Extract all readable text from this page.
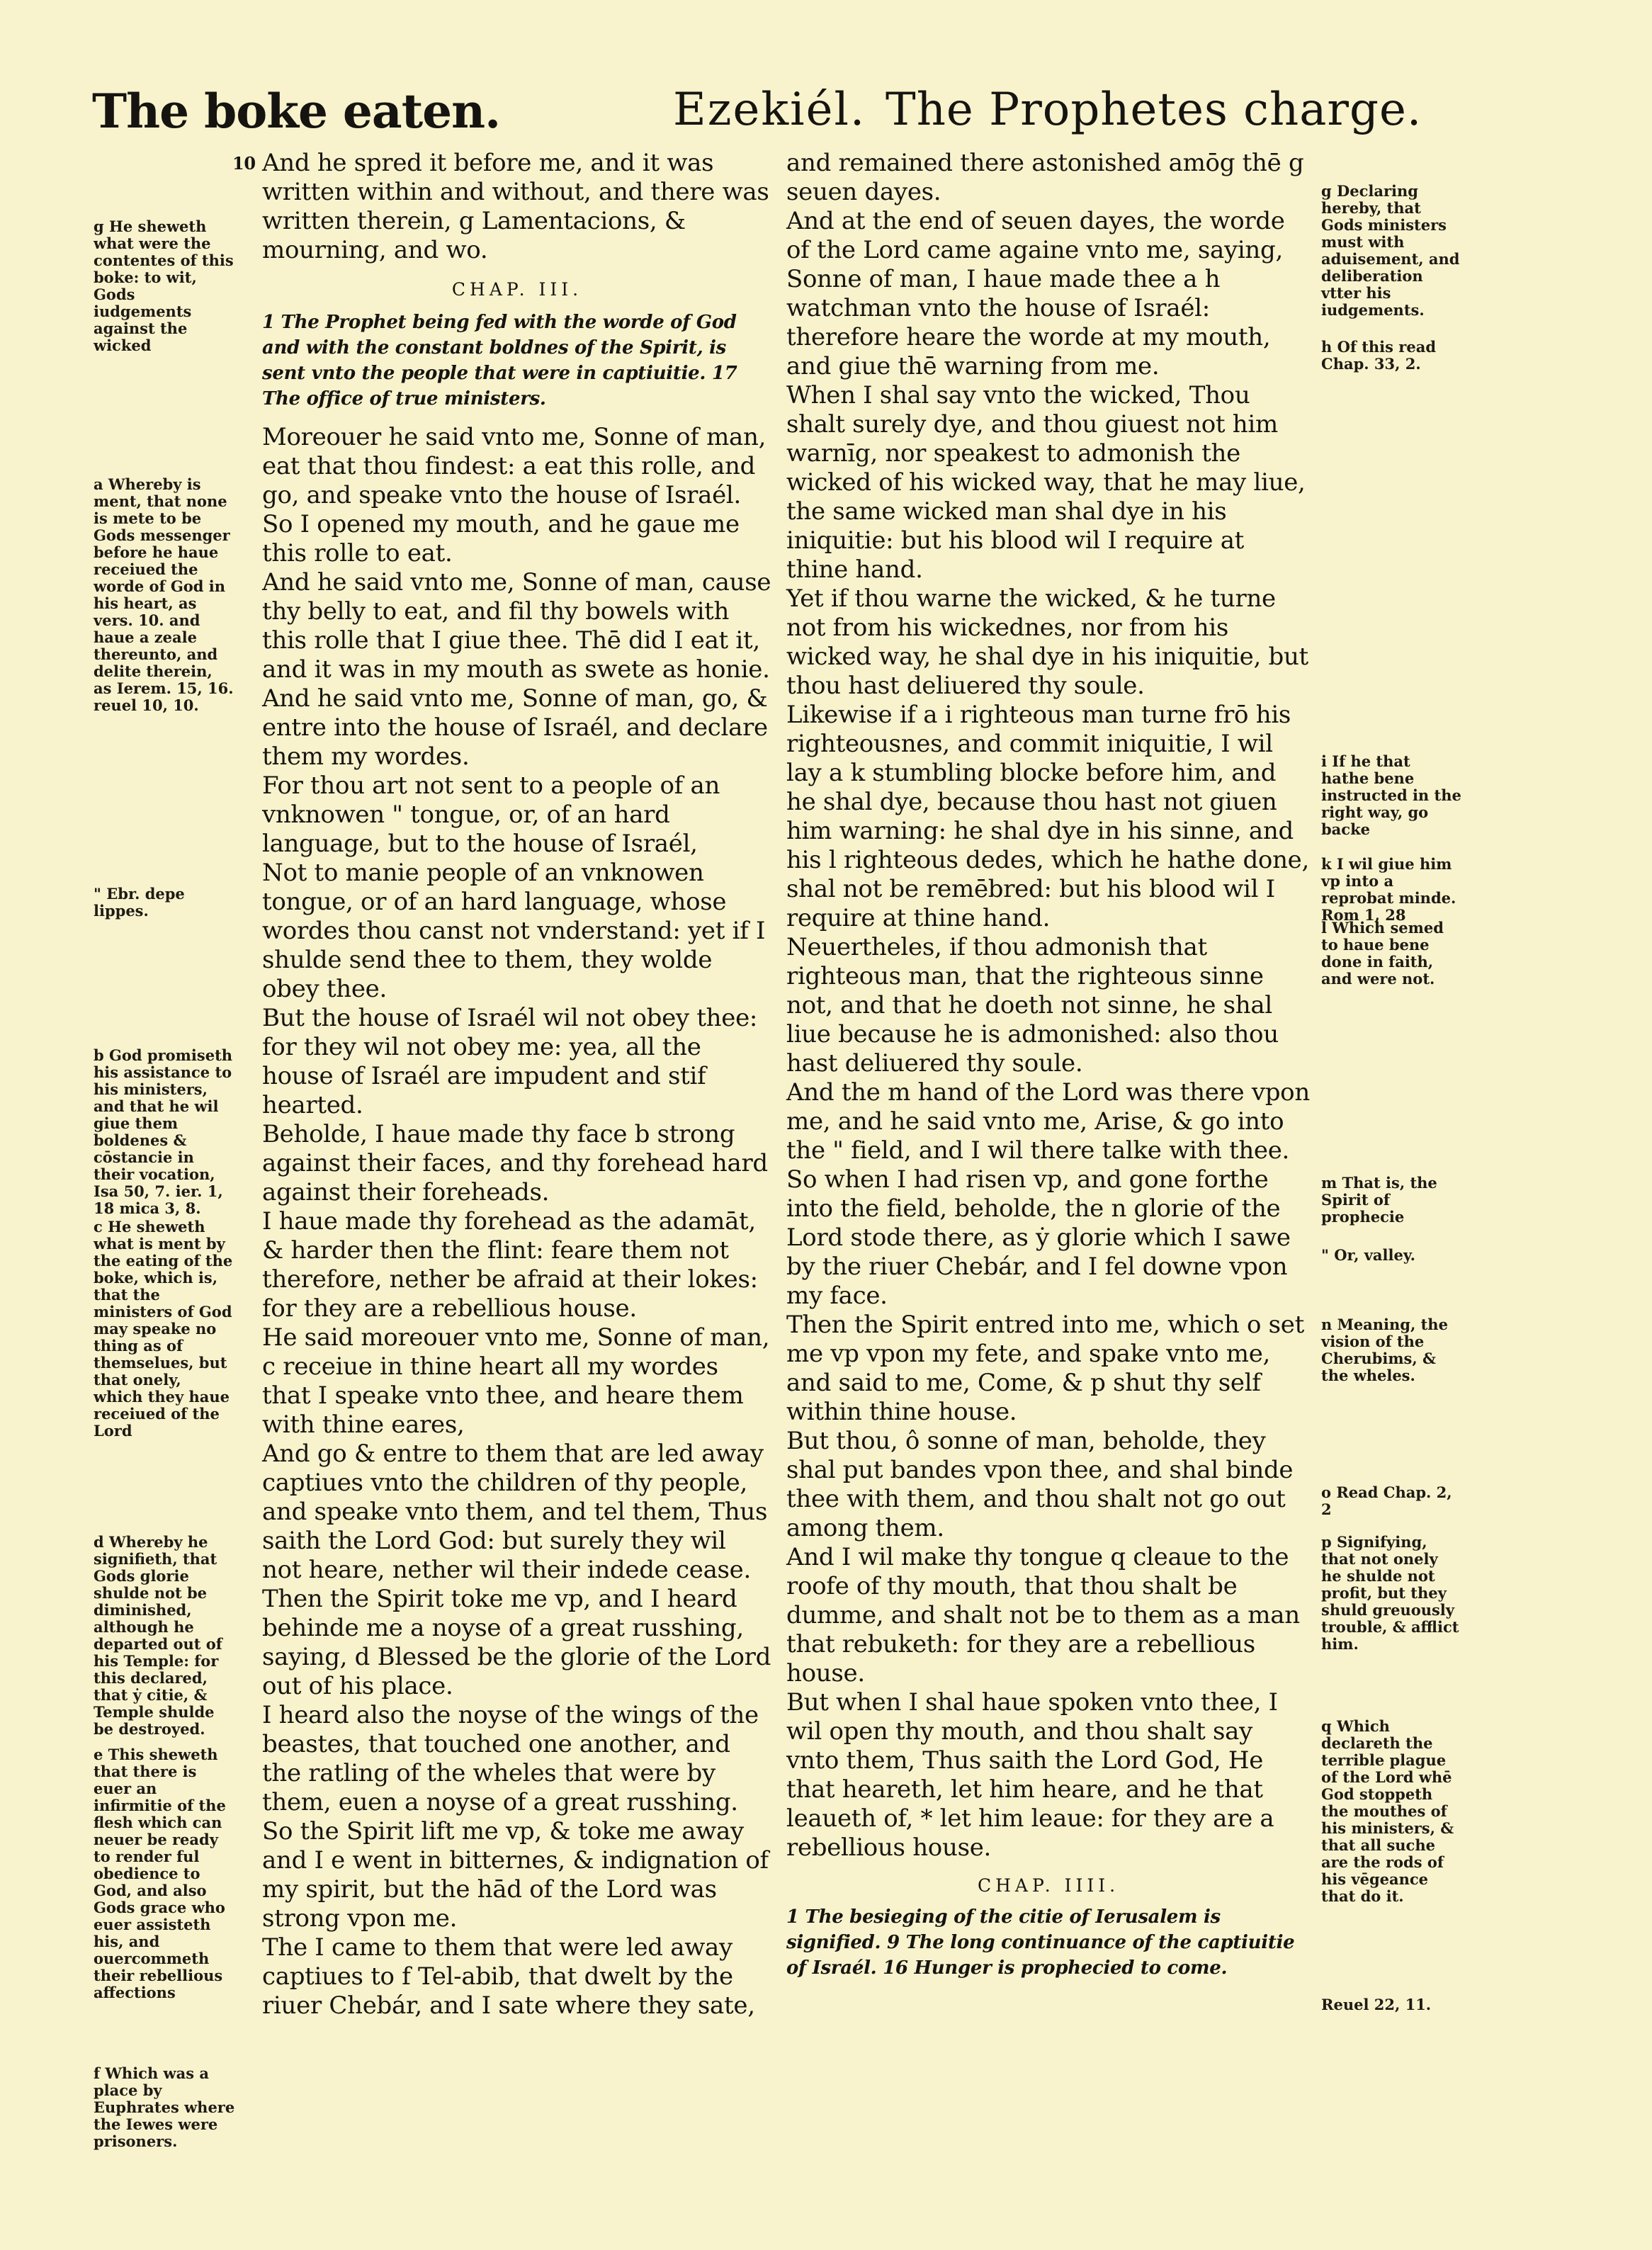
The boke eaten.	Ezekiél. The Prophetes charge.
g He sheweth what were the contentes of this boke: to wit, Gods iudgements against the wicked
a Whereby is ment, that none is mete to be Gods messenger before he haue receiued the worde of God in his heart, as vers. 10. and haue a zeale thereunto, and delite therein, as Ierem. 15, 16. reuel 10, 10.
" Ebr. depe lippes.
b God promiseth his assistance to his ministers, and that he wil giue them boldenes & cōstancie in their vocation, Isa 50, 7. ier. 1, 18 mica 3, 8.
c He sheweth what is ment by the eating of the boke, which is, that the ministers of God may speake no thing as of themselues, but that onely, which they haue receiued of the Lord
d Whereby he signifieth, that Gods glorie shulde not be diminished, although he departed out of his Temple: for this declared, that ẏ citie, & Temple shulde be destroyed.
e This sheweth that there is euer an infirmitie of the flesh which can neuer be ready to render ful obedience to God, and also Gods grace who euer assisteth his, and ouercommeth their rebellious affections
f Which was a place by Euphrates where the Iewes were prisoners.

10 And he spred it before me, and it was written within and without, and there was written therein, g Lamentacions, & mourning, and wo.

CHAP. III.
1 The Prophet being fed with the worde of God and with the constant boldnes of the Spirit, is sent vnto the people that were in captiuitie. 17 The office of true ministers.

Moreouer he said vnto me, Sonne of man, eat that thou findest: a eat this rolle, and go, and speake vnto the house of Israél.

So I opened my mouth, and he gaue me this rolle to eat.

And he said vnto me, Sonne of man, cause thy belly to eat, and fil thy bowels with this rolle that I giue thee. Thē did I eat it, and it was in my mouth as swete as honie.

And he said vnto me, Sonne of man, go, & entre into the house of Israél, and declare them my wordes.

For thou art not sent to a people of an vnknowen " tongue, or, of an hard language, but to the house of Israél,

Not to manie people of an vnknowen tongue, or of an hard language, whose wordes thou canst not vnderstand: yet if I shulde send thee to them, they wolde obey thee.

But the house of Israél wil not obey thee: for they wil not obey me: yea, all the house of Israél are impudent and stif hearted.

Beholde, I haue made thy face b strong against their faces, and thy forehead hard against their foreheads.

I haue made thy forehead as the adamāt, & harder then the flint: feare them not therefore, nether be afraid at their lokes: for they are a rebellious house.

He said moreouer vnto me, Sonne of man, c receiue in thine heart all my wordes that I speake vnto thee, and heare them with thine eares,

And go & entre to them that are led away captiues vnto the children of thy people, and speake vnto them, and tel them, Thus saith the Lord God: but surely they wil not heare, nether wil their indede cease.

Then the Spirit toke me vp, and I heard behinde me a noyse of a great russhing, saying, d Blessed be the glorie of the Lord out of his place.

I heard also the noyse of the wings of the beastes, that touched one another, and the ratling of the wheles that were by them, euen a noyse of a great russhing.

So the Spirit lift me vp, & toke me away and I e went in bitternes, & indignation of my spirit, but the hād of the Lord was strong vpon me.

The I came to them that were led away captiues to f Tel-abib, that dwelt by the riuer Chebár, and I sate where they sate,

and remained there astonished amōg thē g seuen dayes.

And at the end of seuen dayes, the worde of the Lord came againe vnto me, saying,

Sonne of man, I haue made thee a h watchman vnto the house of Israél: therefore heare the worde at my mouth, and giue thē warning from me.

When I shal say vnto the wicked, Thou shalt surely dye, and thou giuest not him warnīg, nor speakest to admonish the wicked of his wicked way, that he may liue, the same wicked man shal dye in his iniquitie: but his blood wil I require at thine hand.

Yet if thou warne the wicked, & he turne not from his wickednes, nor from his wicked way, he shal dye in his iniquitie, but thou hast deliuered thy soule.

Likewise if a i righteous man turne frō his righteousnes, and commit iniquitie, I wil lay a k stumbling blocke before him, and he shal dye, because thou hast not giuen him warning: he shal dye in his sinne, and his l righteous dedes, which he hathe done, shal not be remēbred: but his blood wil I require at thine hand.

Neuertheles, if thou admonish that righteous man, that the righteous sinne not, and that he doeth not sinne, he shal liue because he is admonished: also thou hast deliuered thy soule.

And the m hand of the Lord was there vpon me, and he said vnto me, Arise, & go into the " field, and I wil there talke with thee.

So when I had risen vp, and gone forthe into the field, beholde, the n glorie of the Lord stode there, as ẏ glorie which I sawe by the riuer Chebár, and I fel downe vpon my face.

Then the Spirit entred into me, which o set me vp vpon my fete, and spake vnto me, and said to me, Come, & p shut thy self within thine house.

But thou, ô sonne of man, beholde, they shal put bandes vpon thee, and shal binde thee with them, and thou shalt not go out among them.

And I wil make thy tongue q cleaue to the roofe of thy mouth, that thou shalt be dumme, and shalt not be to them as a man that rebuketh: for they are a rebellious house.

But when I shal haue spoken vnto thee, I wil open thy mouth, and thou shalt say vnto them, Thus saith the Lord God, He that heareth, let him heare, and he that leaueth of, * let him leaue: for they are a rebellious house.

CHAP. IIII.
1 The besieging of the citie of Ierusalem is signified. 9 The long continuance of the captiuitie of Israél. 16 Hunger is prophecied to come.
g Declaring hereby, that Gods ministers must with aduisement, and deliberation vtter his iudgements.
h Of this read Chap. 33, 2.
i If he that hathe bene instructed in the right way, go backe
k I wil giue him vp into a reprobat minde. Rom 1, 28
l Which semed to haue bene done in faith, and were not.
m That is, the Spirit of prophecie
" Or, valley.
n Meaning, the vision of the Cherubims, & the wheles.
o Read Chap. 2, 2
p Signifying, that not onely he shulde not profit, but they shuld greuously trouble, & afflict him.
q Which declareth the terrible plague of the Lord whē God stoppeth the mouthes of his ministers, & that all suche are the rods of his vēgeance that do it.
Reuel 22, 11.
